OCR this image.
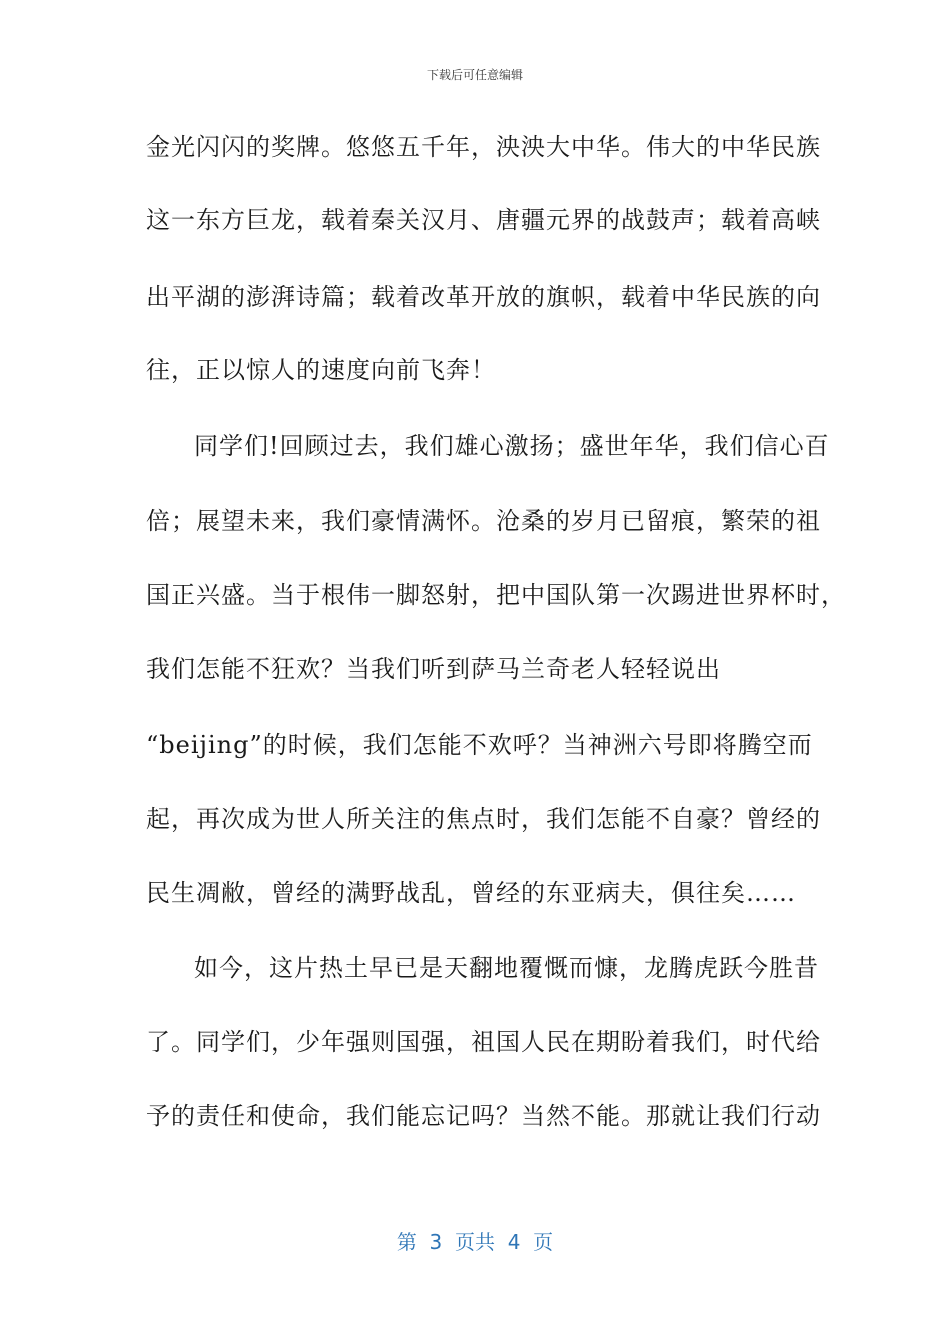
下载后可任意编辑
金光闪闪的奖牌。悠悠五千年，泱泱大中华。伟大的中华民族
这一东方巨龙，载着秦关汉月、唐疆元界的战鼓声；载着高峡
出平湖的澎湃诗篇；载着改革开放的旗帜，载着中华民族的向
往，正以惊人的速度向前飞奔！
同学们!回顾过去，我们雄心激扬；盛世年华，我们信心百
倍；展望未来，我们豪情满怀。沧桑的岁月已留痕，繁荣的祖
国正兴盛。当于根伟一脚怒射，把中国队第一次踢进世界杯时，
我们怎能不狂欢？当我们听到萨马兰奇老人轻轻说出
“beijing”的时候，我们怎能不欢呼？当神洲六号即将腾空而
起，再次成为世人所关注的焦点时，我们怎能不自豪？曾经的
民生凋敝，曾经的满野战乱，曾经的东亚病夫，俱往矣……
如今，这片热土早已是天翻地覆慨而慷，龙腾虎跃今胜昔
了。同学们，少年强则国强，祖国人民在期盼着我们，时代给
予的责任和使命，我们能忘记吗？当然不能。那就让我们行动
第  3  页共  4  页
